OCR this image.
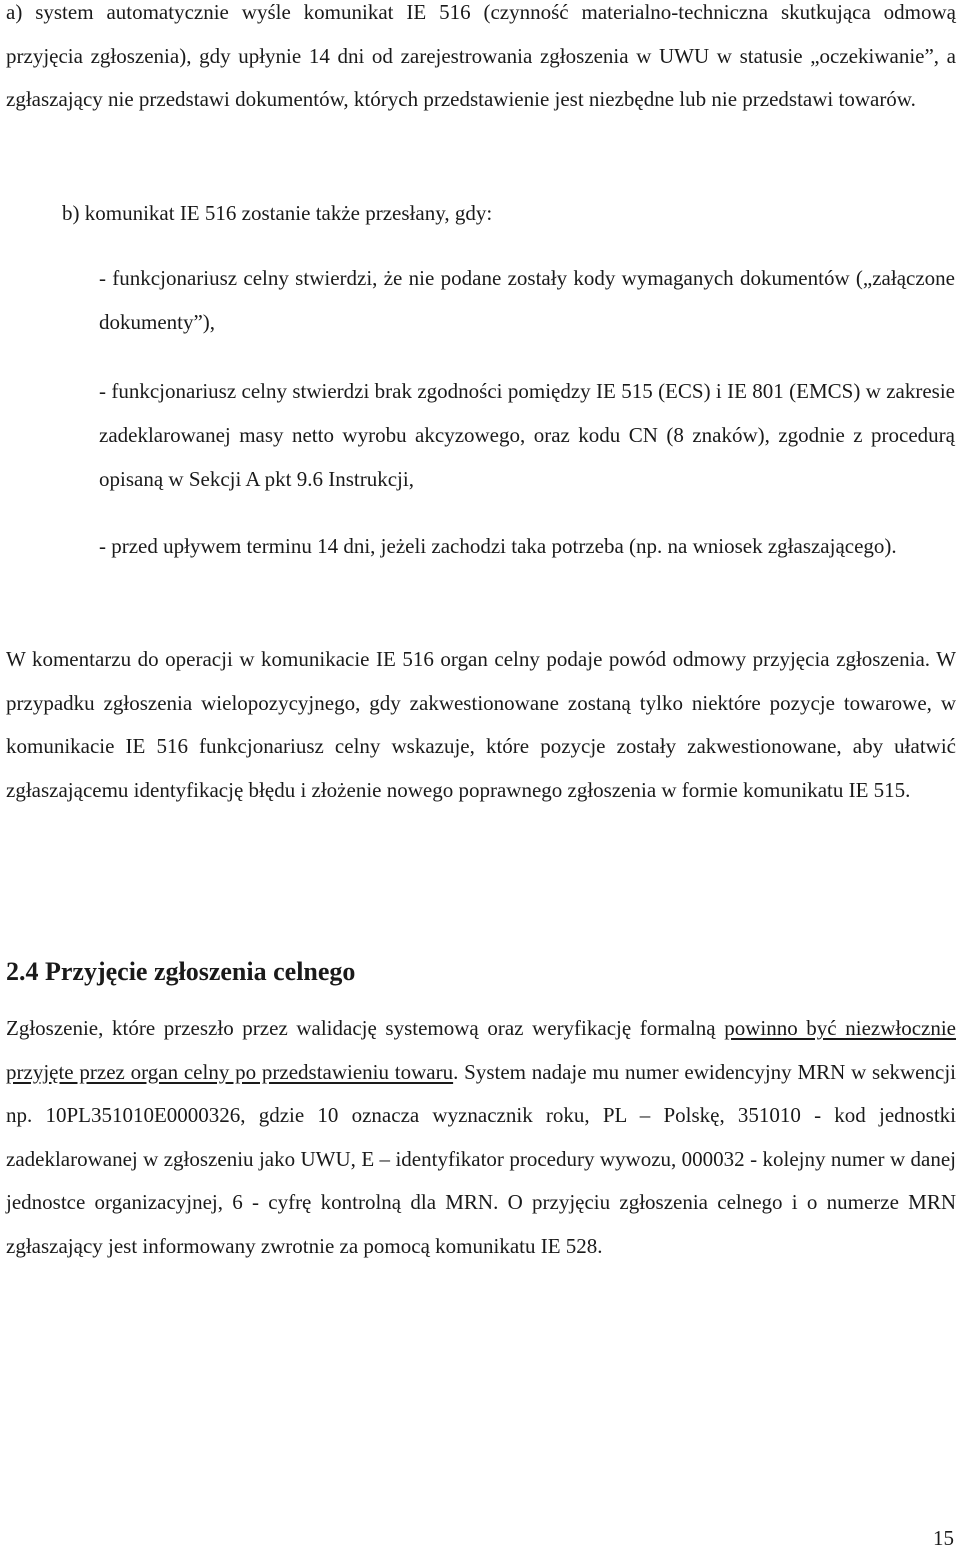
a) system automatycznie wyśle komunikat IE 516 (czynność materialno-techniczna skutkująca odmową przyjęcia zgłoszenia), gdy upłynie 14 dni od zarejestrowania zgłoszenia w UWU w statusie „oczekiwanie”, a zgłaszający nie przedstawi dokumentów, których przedstawienie jest niezbędne lub nie przedstawi towarów.

b) komunikat IE 516 zostanie także przesłany, gdy:

- funkcjonariusz celny stwierdzi, że nie podane zostały kody wymaganych dokumentów („załączone dokumenty”),

- funkcjonariusz celny stwierdzi brak zgodności pomiędzy IE 515 (ECS) i IE 801 (EMCS) w zakresie zadeklarowanej masy netto wyrobu akcyzowego, oraz kodu CN (8 znaków), zgodnie z procedurą opisaną w Sekcji A pkt 9.6 Instrukcji,

- przed upływem terminu 14 dni, jeżeli zachodzi taka potrzeba (np. na wniosek zgłaszającego).

W komentarzu do operacji w komunikacie IE 516 organ celny podaje powód odmowy przyjęcia zgłoszenia. W przypadku zgłoszenia wielopozycyjnego, gdy zakwestionowane zostaną tylko niektóre pozycje towarowe, w komunikacie IE 516 funkcjonariusz celny wskazuje, które pozycje zostały zakwestionowane, aby ułatwić zgłaszającemu identyfikację błędu i złożenie nowego poprawnego zgłoszenia w formie komunikatu IE 515.

2.4 Przyjęcie zgłoszenia celnego

Zgłoszenie, które przeszło przez walidację systemową oraz weryfikację formalną powinno być niezwłocznie przyjęte przez organ celny po przedstawieniu towaru. System nadaje mu numer ewidencyjny MRN w sekwencji np. 10PL351010E0000326, gdzie 10 oznacza wyznacznik roku, PL – Polskę, 351010 - kod jednostki zadeklarowanej w zgłoszeniu jako UWU, E – identyfikator procedury wywozu, 000032 - kolejny numer w danej jednostce organizacyjnej, 6 - cyfrę kontrolną dla MRN. O przyjęciu zgłoszenia celnego i o numerze MRN zgłaszający jest informowany zwrotnie za pomocą komunikatu IE 528.

15
